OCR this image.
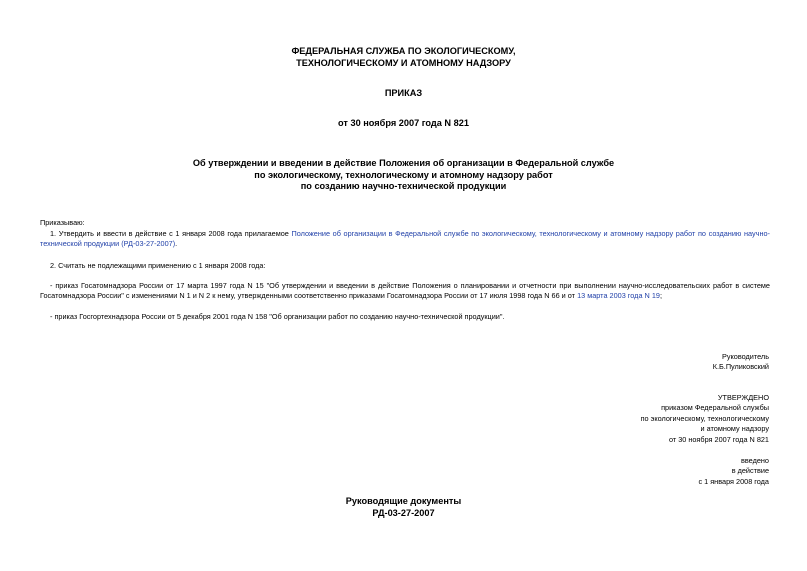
ФЕДЕРАЛЬНАЯ СЛУЖБА ПО ЭКОЛОГИЧЕСКОМУ,
ТЕХНОЛОГИЧЕСКОМУ И АТОМНОМУ НАДЗОРУ
ПРИКАЗ
от 30 ноября 2007 года N 821
Об утверждении и введении в действие Положения об организации в Федеральной службе
по экологическому, технологическому и атомному надзору работ
по созданию научно-технической продукции
Приказываю:
1. Утвердить и ввести в действие с 1 января 2008 года прилагаемое Положение об организации в Федеральной службе по экологическому, технологическому и атомному надзору работ по созданию научно-технической продукции (РД-03-27-2007).
2. Считать не подлежащими применению с 1 января 2008 года:
- приказ Госатомнадзора России от 17 марта 1997 года N 15 "Об утверждении и введении в действие Положения о планировании и отчетности при выполнении научно-исследовательских работ в системе Госатомнадзора России" с изменениями N 1 и N 2 к нему, утвержденными соответственно приказами Госатомнадзора России от 17 июля 1998 года N 66 и от 13 марта 2003 года N 19;
- приказ Госгортехнадзора России от 5 декабря 2001 года N 158 "Об организации работ по созданию научно-технической продукции".
Руководитель
К.Б.Пуликовский
УТВЕРЖДЕНО
приказом Федеральной службы
по экологическому, технологическому
и атомному надзору
от 30 ноября 2007 года N 821
введено
в действие
с 1 января 2008 года
Руководящие документы
РД-03-27-2007
